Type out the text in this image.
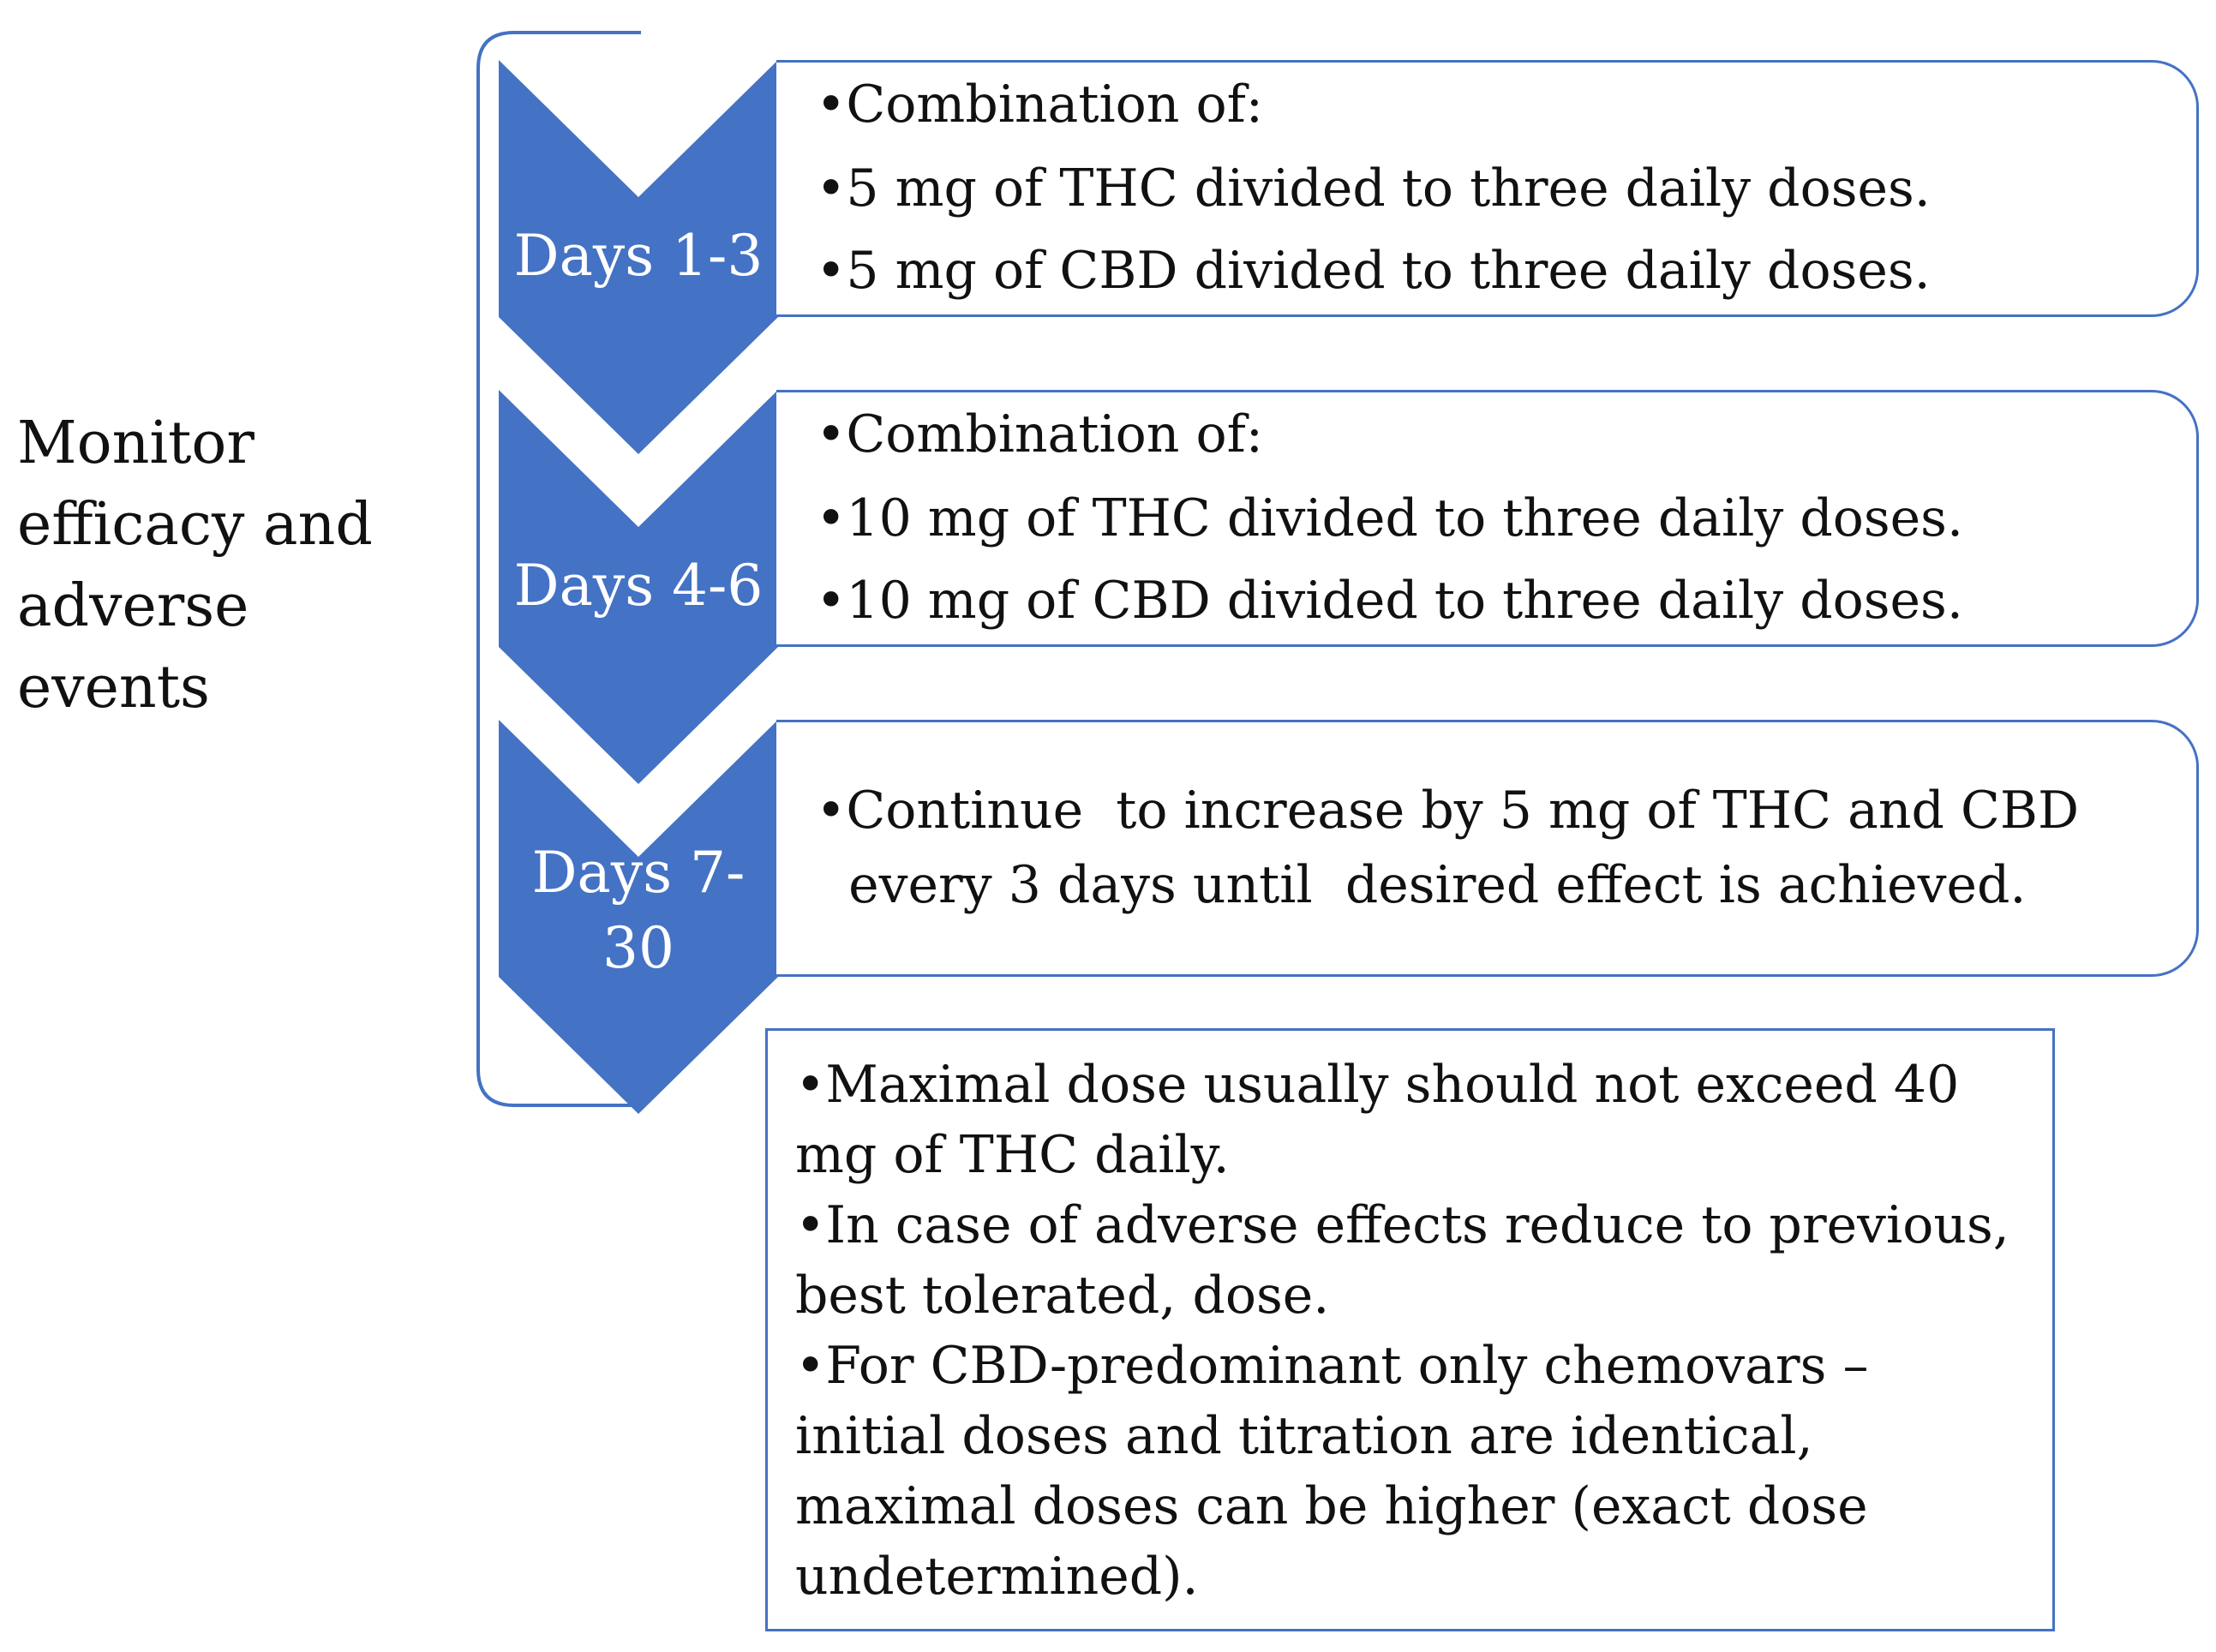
Monitor
efficacy and
adverse
events
Days 1-3
Days 4-6
Days 7-
30
•Combination of:
•5 mg of THC divided to three daily doses.
•5 mg of CBD divided to three daily doses.
•Combination of:
•10 mg of THC divided to three daily doses.
•10 mg of CBD divided to three daily doses.
•Continue  to increase by 5 mg of THC and CBD
every 3 days until  desired effect is achieved.
•Maximal dose usually should not exceed 40
mg of THC daily.
•In case of adverse effects reduce to previous,
best tolerated, dose.
•For CBD-predominant only chemovars –
initial doses and titration are identical,
maximal doses can be higher (exact dose
undetermined).
